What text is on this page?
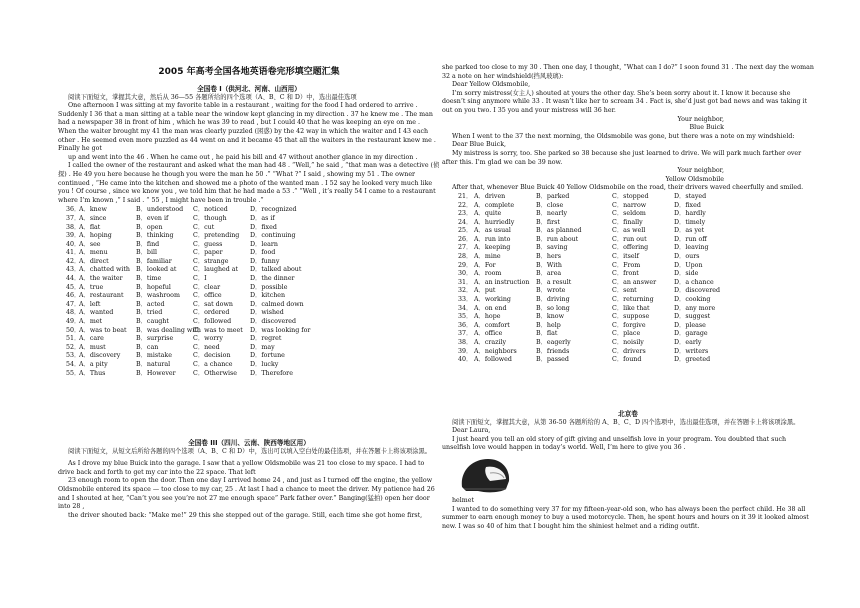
2005 年高考全国各地英语卷完形填空题汇集

全国卷 I（供河北、河南、山西用）

阅读下面短文，掌握其大意，然后从 36—55 各题所给的四个选项（A、B、C 和 D）中，选出最佳选项

One afternoon I was sitting at my favorite table in a restaurant , waiting for the food I had ordered to arrive . Suddenly I 36 that a man sitting at a table near the window kept glancing in my direction . 37 he knew me . The man had a newspaper 38 in front of him , which he was 39 to read , but I could 40 that he was keeping an eye on me . When the waiter brought my 41 the man was clearly puzzled (困惑) by the 42 way in which the waiter and I 43 each other . He seemed even more puzzled as 44 went on and it became 45 that all the waiters in the restaurant knew me . Finally he got

up and went into the 46 . When he came out , he paid his bill and 47 without another glance in my direction .

I called the owner of the restaurant and asked what the man had 48 . “Well,” he said , “that man was a detective (侦探) . He 49 you here because he though you were the man he 50 .” “What ?” I said , showing my 51 . The owner continued , “He came into the kitchen and showed me a photo of the wanted man . I 52 say he looked very much like you ! Of course , since we know you , we told him that he had made a 53 .” “Well , it’s really 54 I came to a restaurant where I’m known ,” I said . “ 55 , I might have been in trouble .”

36．
A．knew	B．understood	C．noticed	D．recognized
37．
A．since	B．even if	C．though	D．as if
38．
A．flat	B．open	C．cut	D．fixed
39．
A．hoping	B．thinking	C．pretending	D．continuing
40．
A．see	B．find	C．guess	D．learn
41．
A．menu	B．bill	C．paper	D．food
42．
A．direct	B．familiar	C．strange	D．funny
43．
A．chatted with B．looked at	C．laughed at	D．talked about
44．
A．the waiter	B．time	C．I	D．the dinner
45．
A．true	B．hopeful	C．clear	D．possible
46．
A．restaurant	B．washroom	C．office	D．kitchen
47．
A．left	B．acted	C．sat down	D．calmed down
48．
A．wanted	B．tried	C．ordered	D．wished
49．
A．met	B．caught	C．followed	D．discovered
50．
A．was to beat	B．was dealing with
C．was to meet	D．was looking for
51．
A．care	B．surprise	C．worry	D．regret
52．
A．must	B．can	C．need	D．may
53．
A．discovery	B．mistake	C．decision	D．fortune
54．
A．a pity	B．natural	C．a chance	D．lucky
55．
A．Thus	B．However	C．Otherwise	D．Therefore

全国卷 III（四川、云南、陕西等地区用）

阅读下面短文，从短文后所给各题的四个选项（A、B、C 和 D）中，选出可以填入空白处的最佳选项，并在答题卡上将该项涂黑。

As I drove my blue Buick into the garage. I saw that a yellow Oldsmobile was 21 too close to my space. I had to drive back and forth to get my car into the 22 space. That left

23 enough room to open the door. Then one day I arrived home 24 , and just as I turned off the engine, the yellow Oldsmobile entered its space — too close to my car, 25 . At last I had a chance to meet the driver. My patience had 26 and I shouted at her, “Can’t you see you’re not 27 me enough space” Park father over.” Banging(猛拍) open her door into 28 ,

the driver shouted back: “Make me!” 29 this she stepped out of the garage. Still, each time she got home first,

she parked too close to my 30 . Then one day, I thought, “What can I do?” I soon found 31 . The next day the woman 32 a note on her windshield(挡风玻璃):

Dear Yellow Oldsmobile,

I’m sorry mistress(女主人) shouted at yours the other day. She’s been sorry about it. I know it because she doesn’t sing anymore while 33 . It wasn’t like her to scream 34 . Fact is, she’d just got bad news and was taking it out on you two. I 35 you and your mistress will 36 her.

Your neighbor,

Blue Buick

When I went to the 37 the next morning, the Oldsmobile was gone, but there was a note on my windshield:

Dear Blue Buick,

My mistress is sorry, too. She parked so 38 because she just learned to drive. We will park much farther over after this. I’m glad we can be 39 now.

Your neighbor,

Yellow Oldsmobile

After that, whenever Blue Buick 40 Yellow Oldsmobile on the road, their drivers waved cheerfully and smiled.

21． A．driven	B．parked	C．stopped	D．stayed
22． A．complete	B．close	C．narrow	D．fixed
23． A．quite	B．nearly	C．seldom	D．hardly
24． A．hurriedly	B．first	C．finally	D．timely
25． A．as usual	B．as planned	C．as well	D．as yet
26． A．run into	B．run about	C．run out	D．run off
27． A．keeping	B．saving	C．offering	D．leaving
28． A．mine	B．hers	C．itself	D．ours
29． A．For	B．With	C．From	D．Upon
30． A．room	B．area	C．front	D．side
31． A．an instruction	B．a result	C．an answer	D．a chance
32． A．put	B．wrote	C．sent	D．discovered
33． A．working	B．driving	C．returning	D．cooking
34． A．on end	B．so long	C．like that	D．any more
35． A．hope	B．know	C．suppose	D．suggest
36． A．comfort	B．help	C．forgive	D．please
37． A．office	B．flat	C．place	D．garage
38． A．crazily	B．eagerly	C．noisily	D．early
39． A．neighbors	B．friends	C．drivers	D．writers
40． A．followed	B．passed	C．found	D．greeted

北京卷

阅读下面短文，掌握其大意，从第 36-50 各题所给的 A、B、C、D 四个选项中，选出最佳选项，并在答题卡上将该项涂黑。

Dear Laura,

I just heard you tell an old story of gift giving and unselfish love in your program. You doubted that such unselfish love would happen in today’s world. Well, I’m here to give you 36 .

helmet

I wanted to do something very 37 for my fifteen-year-old son, who has always been the perfect child. He 38 all summer to earn enough money to buy a used motorcycle. Then, he spent hours and hours on it 39 it looked almost new. I was so 40 of him that I bought him the shiniest helmet and a riding outfit.
